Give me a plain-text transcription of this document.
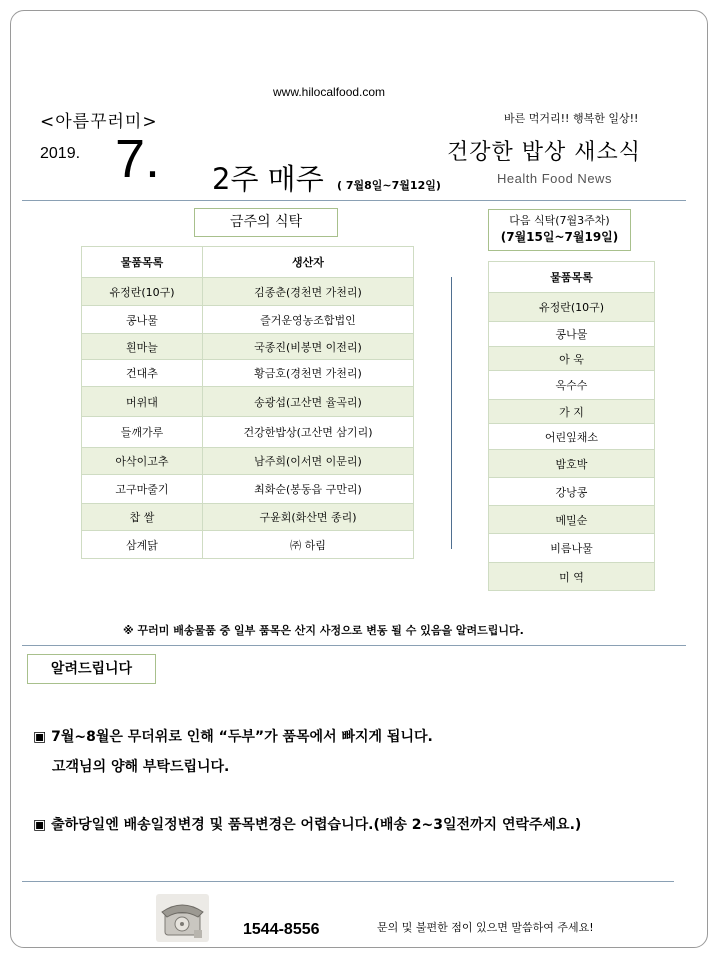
www.hilocalfood.com
<아름꾸러미>
2019. 7. 2주 매주 ( 7월8일~7월12일)
바른 먹거리!! 행복한 일상!!
건강한 밥상 새소식
Health Food News
금주의 식탁
물품목록	생산자
유정란(10구)	김종춘(경천면 가천리)
콩나물	즐거운영농조합법인
흰마늘	국종진(비봉면 이전리)
건대추	황금호(경천면 가천리)
머위대	송광섭(고산면 율곡리)
들깨가루	건강한밥상(고산면 삼기리)
아삭이고추	남주희(이서면 이문리)
고구마줄기	최화순(봉동읍 구만리)
찹 쌀	구윤회(화산면 종리)
삼계닭	㈜ 하림
다음 식탁(7월3주차)
(7월15일~7월19일)
물품목록
유정란(10구)
콩나물
아 욱
옥수수
가 지
어린잎채소
밤호박
강낭콩
메밀순
비름나물
미 역
※ 꾸러미 배송물품 중 일부 품목은 산지 사정으로 변동 될 수 있음을 알려드립니다.
알려드립니다
▣ 7월~8월은 무더위로 인해 “두부”가 품목에서 빠지게 됩니다.
고객님의 양해 부탁드립니다.
▣ 출하당일엔 배송일정변경 및 품목변경은 어렵습니다.(배송 2~3일전까지 연락주세요.)
1544-8556	문의 및 불편한 점이 있으면 말씀하여 주세요!
